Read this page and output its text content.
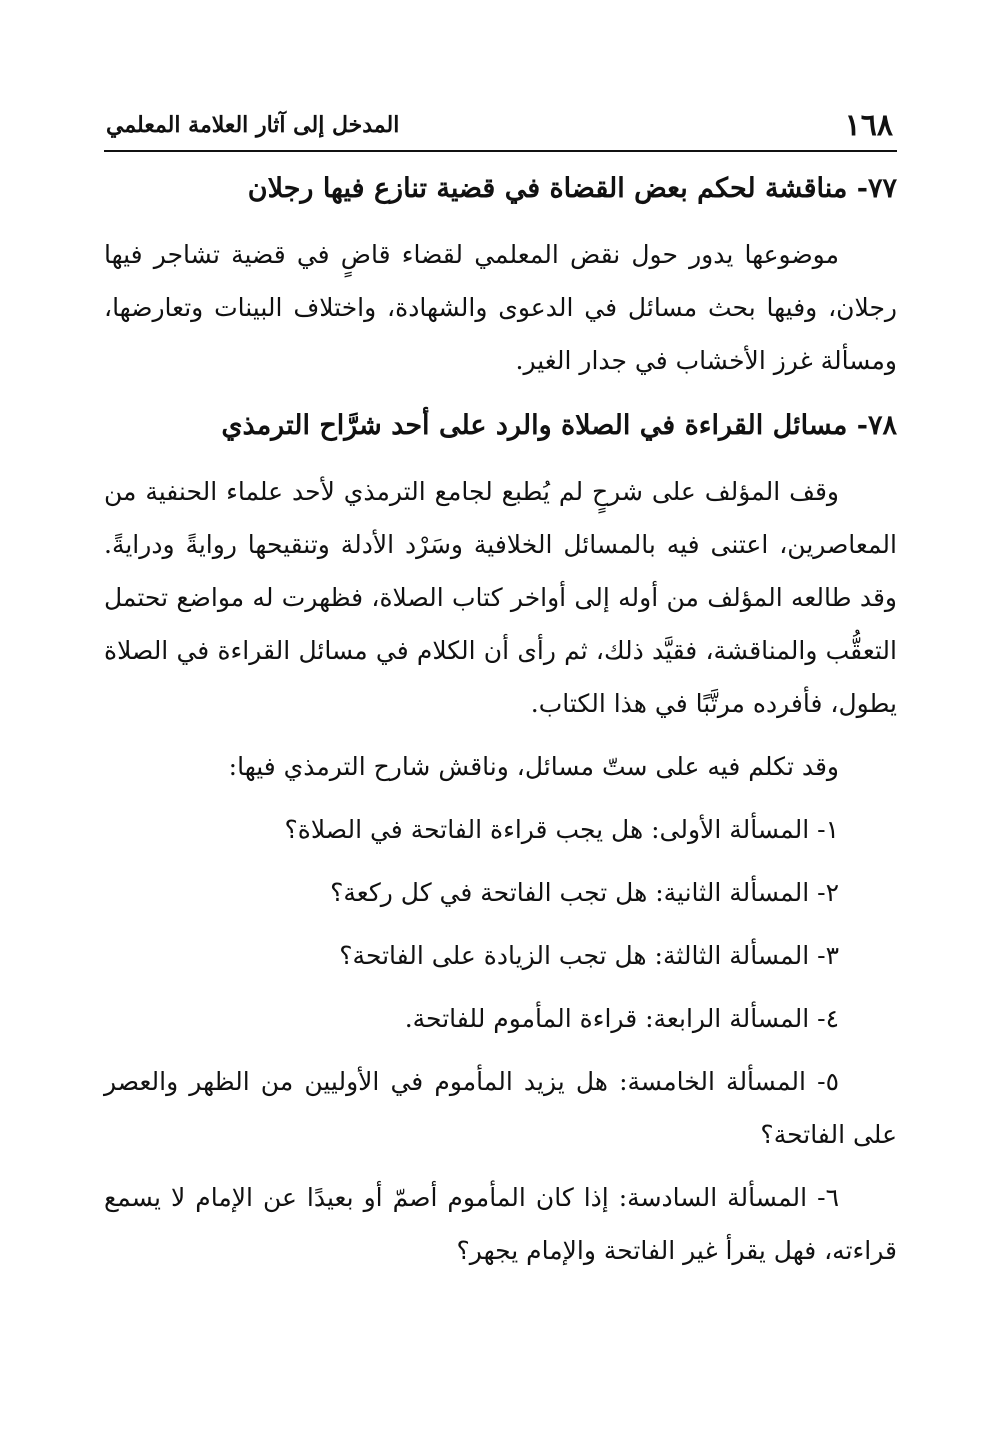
١٦٨
المدخل إلى آثار العلامة المعلمي
٧٧- مناقشة لحكم بعض القضاة في قضية تنازع فيها رجلان

موضوعها يدور حول نقض المعلمي لقضاء قاضٍ في قضية تشاجر فيها رجلان، وفيها بحث مسائل في الدعوى والشهادة، واختلاف البينات وتعارضها، ومسألة غرز الأخشاب في جدار الغير.

٧٨- مسائل القراءة في الصلاة والرد على أحد شرَّاح الترمذي

وقف المؤلف على شرحٍ لم يُطبع لجامع الترمذي لأحد علماء الحنفية من المعاصرين، اعتنى فيه بالمسائل الخلافية وسَرْد الأدلة وتنقيحها روايةً ودرايةً. وقد طالعه المؤلف من أوله إلى أواخر كتاب الصلاة، فظهرت له مواضع تحتمل التعقُّب والمناقشة، فقيَّد ذلك، ثم رأى أن الكلام في مسائل القراءة في الصلاة يطول، فأفرده مرتَّبًا في هذا الكتاب.

وقد تكلم فيه على ستّ مسائل، وناقش شارح الترمذي فيها:

١- المسألة الأولى: هل يجب قراءة الفاتحة في الصلاة؟

٢- المسألة الثانية: هل تجب الفاتحة في كل ركعة؟

٣- المسألة الثالثة: هل تجب الزيادة على الفاتحة؟

٤- المسألة الرابعة: قراءة المأموم للفاتحة.

٥- المسألة الخامسة: هل يزيد المأموم في الأوليين من الظهر والعصر على الفاتحة؟

٦- المسألة السادسة: إذا كان المأموم أصمّ أو بعيدًا عن الإمام لا يسمع قراءته، فهل يقرأ غير الفاتحة والإمام يجهر؟
